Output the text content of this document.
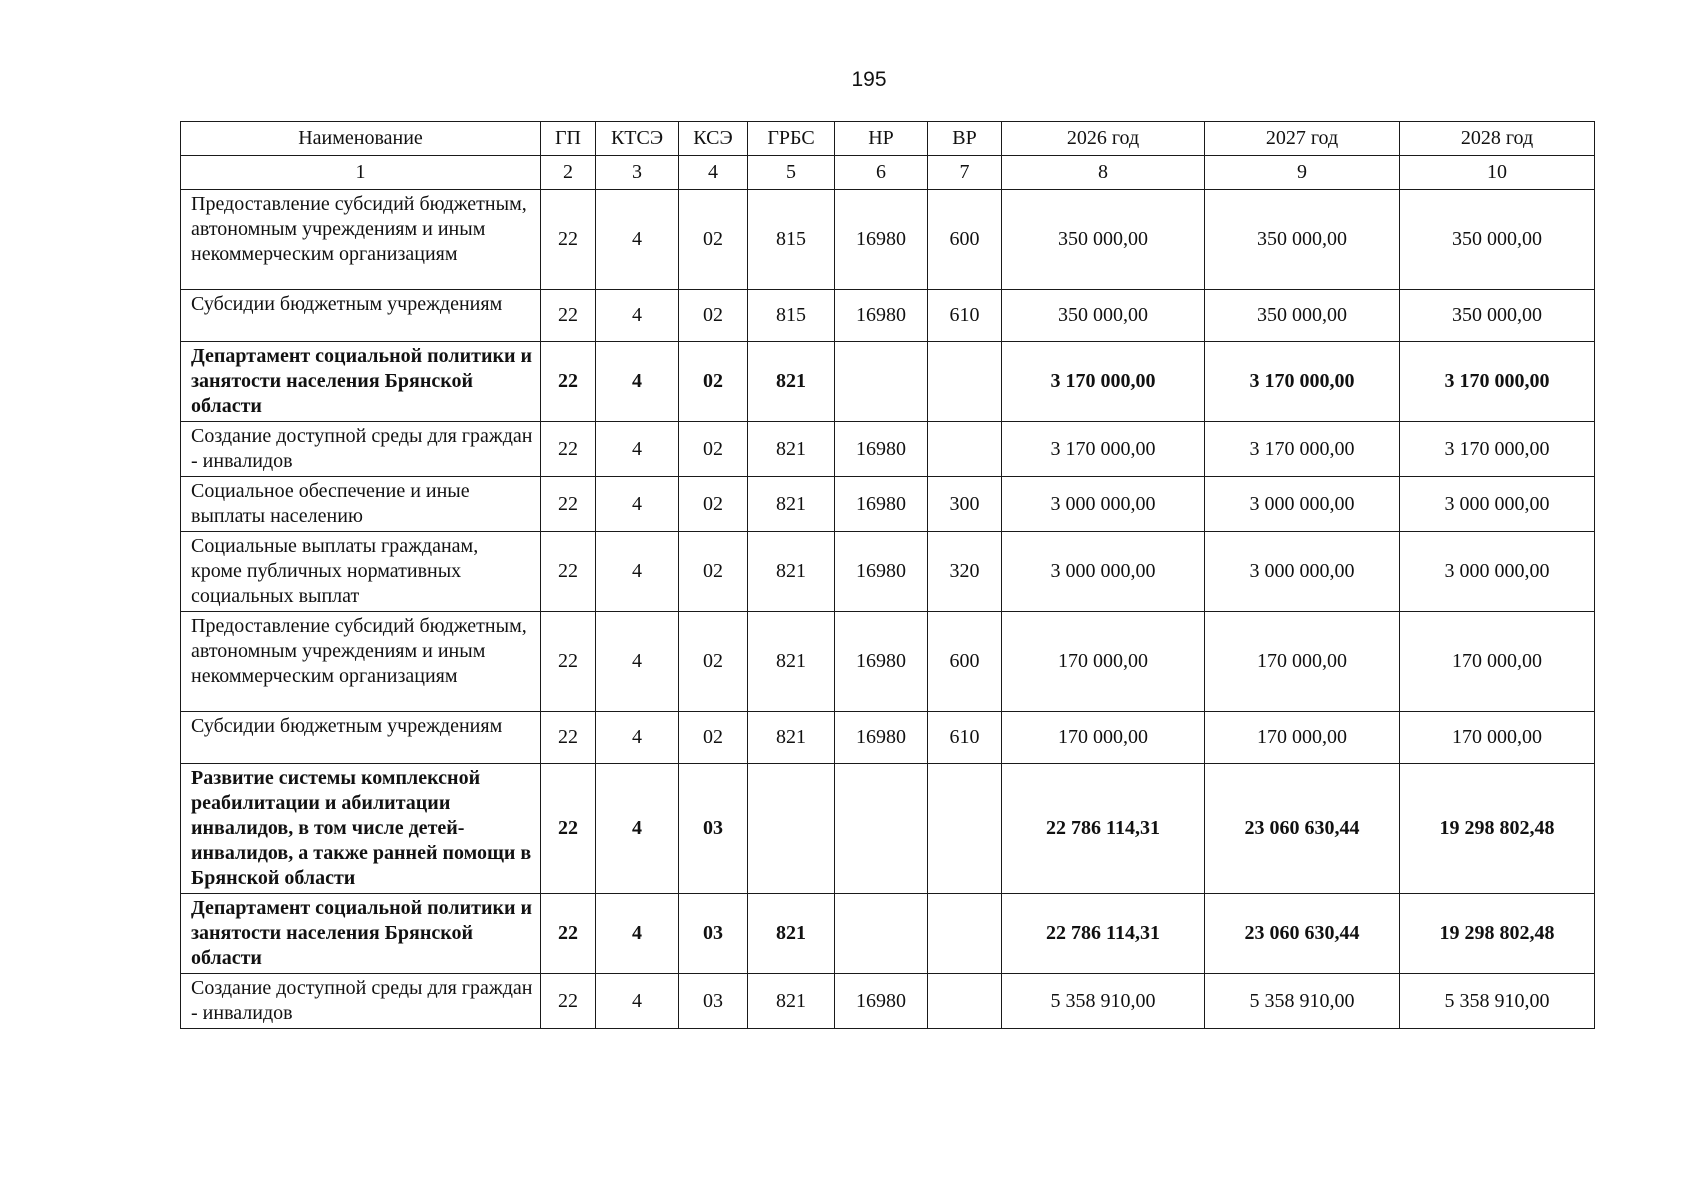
195
Наименование	ГП	КТСЭ	КСЭ	ГРБС	НР	ВР	2026 год	2027 год	2028 год
1	2	3	4	5	6	7	8	9	10
Предоставление субсидий бюджетным, автономным учреждениям и иным некоммерческим организациям	22	4	02	815	16980	600	350 000,00	350 000,00	350 000,00
Субсидии бюджетным учреждениям	22	4	02	815	16980	610	350 000,00	350 000,00	350 000,00
Департамент социальной политики и занятости населения Брянской области	22	4	02	821			3 170 000,00	3 170 000,00	3 170 000,00
Создание доступной среды для граждан - инвалидов	22	4	02	821	16980		3 170 000,00	3 170 000,00	3 170 000,00
Социальное обеспечение и иные выплаты населению	22	4	02	821	16980	300	3 000 000,00	3 000 000,00	3 000 000,00
Социальные выплаты гражданам, кроме публичных нормативных социальных выплат	22	4	02	821	16980	320	3 000 000,00	3 000 000,00	3 000 000,00
Предоставление субсидий бюджетным, автономным учреждениям и иным некоммерческим организациям	22	4	02	821	16980	600	170 000,00	170 000,00	170 000,00
Субсидии бюджетным учреждениям	22	4	02	821	16980	610	170 000,00	170 000,00	170 000,00
Развитие системы комплексной реабилитации и абилитации инвалидов, в том числе детей-инвалидов, а также ранней помощи в Брянской области	22	4	03				22 786 114,31	23 060 630,44	19 298 802,48
Департамент социальной политики и занятости населения Брянской области	22	4	03	821			22 786 114,31	23 060 630,44	19 298 802,48
Создание доступной среды для граждан - инвалидов	22	4	03	821	16980		5 358 910,00	5 358 910,00	5 358 910,00
